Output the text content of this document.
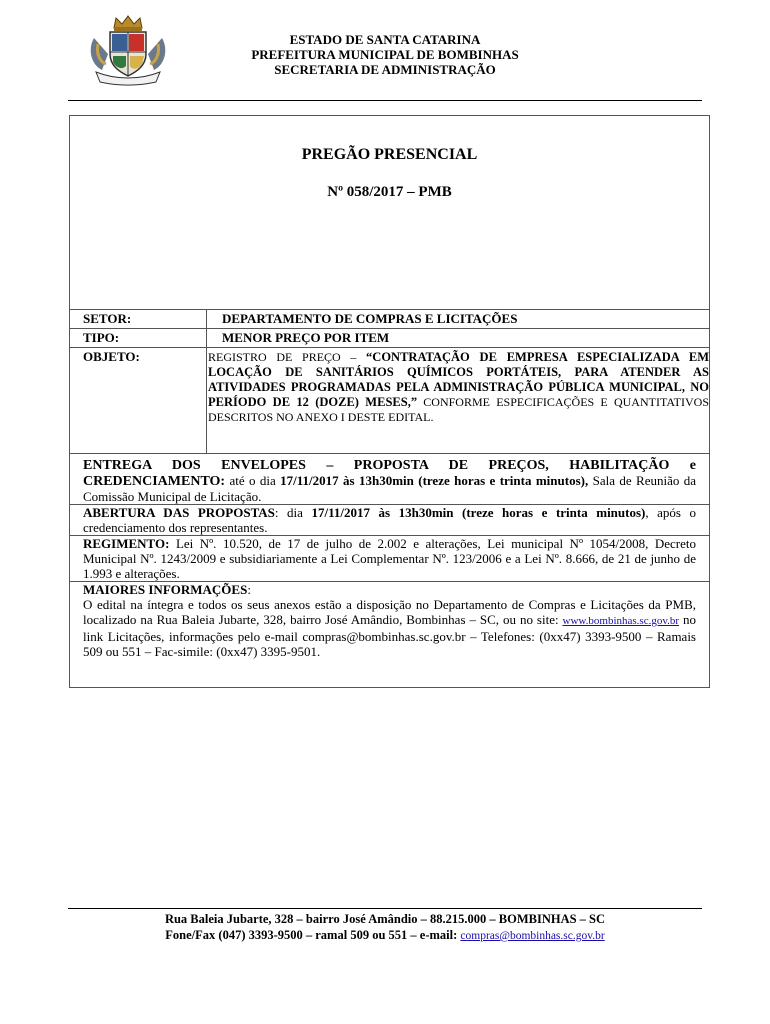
ESTADO DE SANTA CATARINA
PREFEITURA MUNICIPAL DE BOMBINHAS
SECRETARIA DE ADMINISTRAÇÃO
PREGÃO PRESENCIAL
Nº 058/2017 – PMB
SETOR:	DEPARTAMENTO DE COMPRAS E LICITAÇÕES
TIPO:	MENOR PREÇO POR ITEM
OBJETO:	REGISTRO DE PREÇO – “CONTRATAÇÃO DE EMPRESA ESPECIALIZADA EM LOCAÇÃO DE SANITÁRIOS QUÍMICOS PORTÁTEIS, PARA ATENDER AS ATIVIDADES PROGRAMADAS PELA ADMINISTRAÇÃO PÚBLICA MUNICIPAL, NO PERÍODO DE 12 (DOZE) MESES,” CONFORME ESPECIFICAÇÕES E QUANTITATIVOS DESCRITOS NO ANEXO I DESTE EDITAL.
ENTREGA DOS ENVELOPES – PROPOSTA DE PREÇOS, HABILITAÇÃO e CREDENCIAMENTO: até o dia 17/11/2017 às 13h30min (treze horas e trinta minutos), Sala de Reunião da Comissão Municipal de Licitação.
ABERTURA DAS PROPOSTAS: dia 17/11/2017 às 13h30min (treze horas e trinta minutos), após o credenciamento dos representantes.
REGIMENTO: Lei Nº. 10.520, de 17 de julho de 2.002 e alterações, Lei municipal Nº 1054/2008, Decreto Municipal Nº. 1243/2009 e subsidiariamente a Lei Complementar Nº. 123/2006 e a Lei Nº. 8.666, de 21 de junho de 1.993 e alterações.
MAIORES INFORMAÇÕES:
O edital na íntegra e todos os seus anexos estão a disposição no Departamento de Compras e Licitações da PMB, localizado na Rua Baleia Jubarte, 328, bairro José Amândio, Bombinhas – SC, ou no site: www.bombinhas.sc.gov.br no link Licitações, informações pelo e-mail compras@bombinhas.sc.gov.br – Telefones: (0xx47) 3393-9500 – Ramais 509 ou 551 – Fac-simile: (0xx47) 3395-9501.
Rua Baleia Jubarte, 328 – bairro José Amândio – 88.215.000 – BOMBINHAS – SC
Fone/Fax (047) 3393-9500 – ramal 509 ou 551 – e-mail: compras@bombinhas.sc.gov.br
